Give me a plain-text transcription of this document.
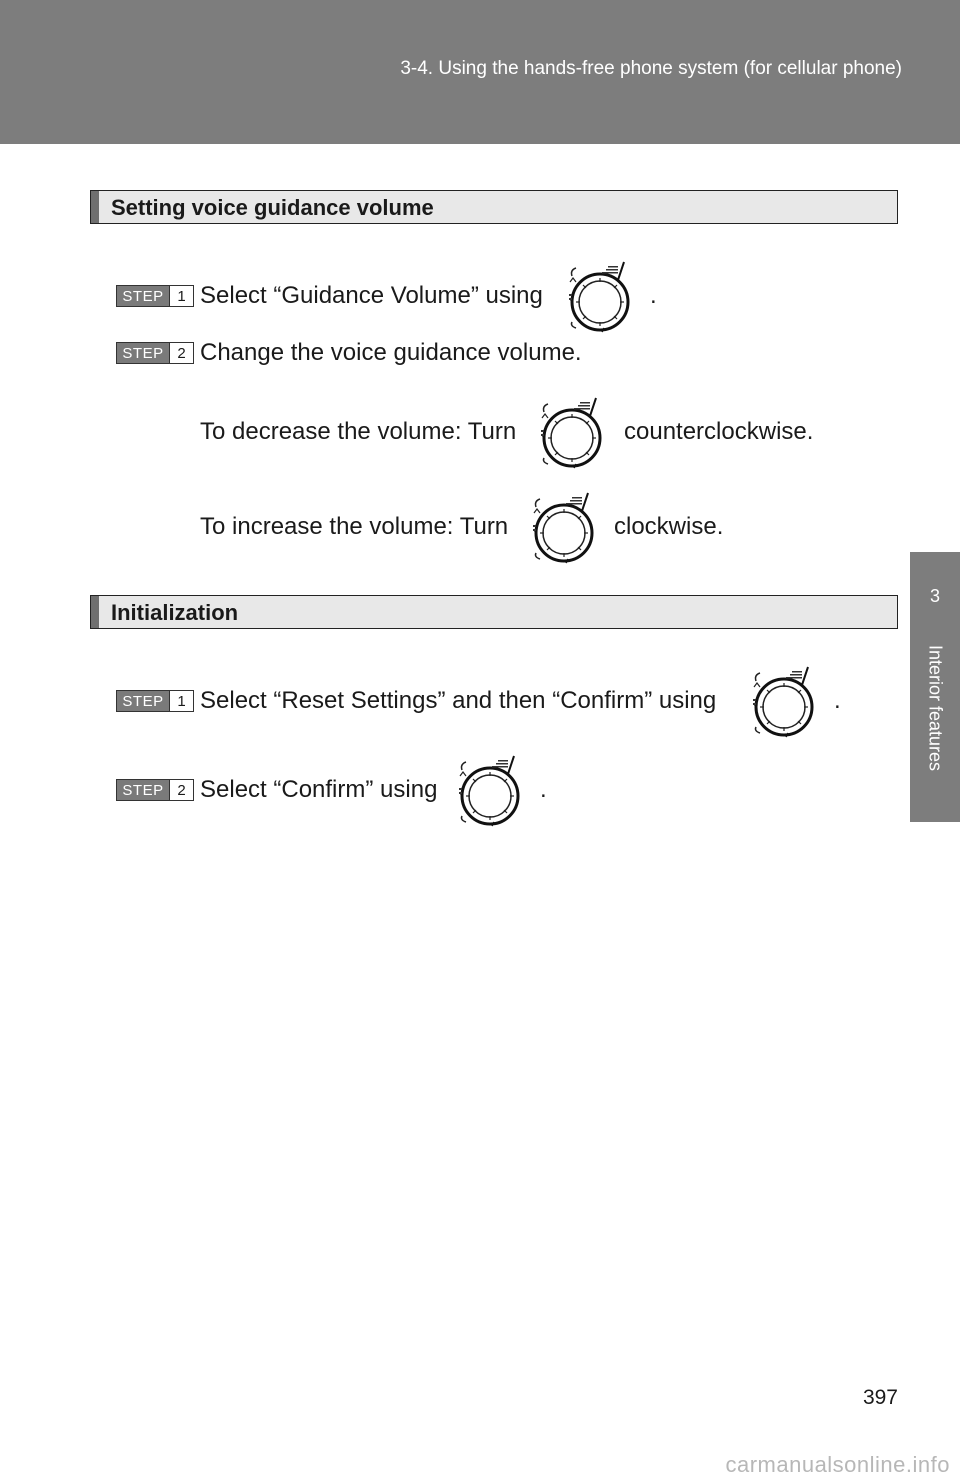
3-4. Using the hands-free phone system (for cellular phone)
3
Interior features
Setting voice guidance volume
STEP 1 Select “Guidance Volume” using	.
STEP 2 Change the voice guidance volume.
To decrease the volume: Turn	counterclockwise.
To increase the volume: Turn	clockwise.
Initialization
STEP 1 Select “Reset Settings” and then “Confirm” using	.
STEP 2 Select “Confirm” using	.
397
carmanualsonline.info
